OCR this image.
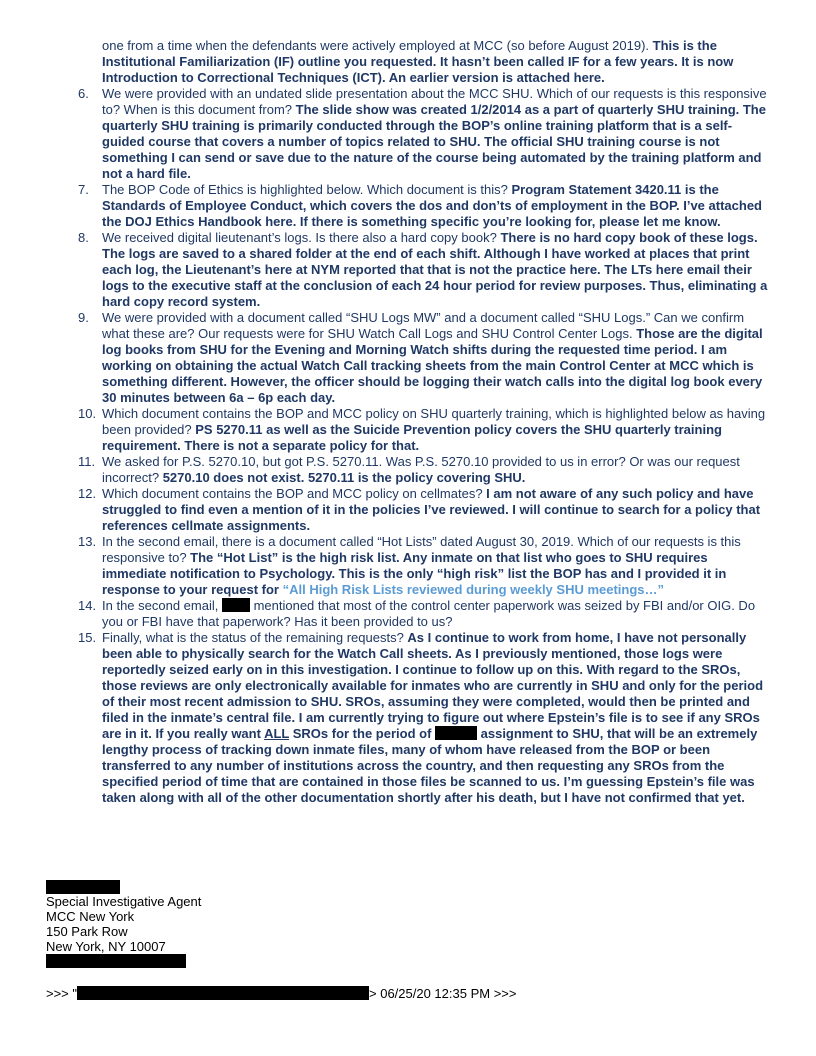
one from a time when the defendants were actively employed at MCC (so before August 2019). This is the Institutional Familiarization (IF) outline you requested. It hasn’t been called IF for a few years. It is now Introduction to Correctional Techniques (ICT). An earlier version is attached here.
6.	We were provided with an undated slide presentation about the MCC SHU. Which of our requests is this responsive to? When is this document from? The slide show was created 1/2/2014 as a part of quarterly SHU training. The quarterly SHU training is primarily conducted through the BOP’s online training platform that is a self-guided course that covers a number of topics related to SHU. The official SHU training course is not something I can send or save due to the nature of the course being automated by the training platform and not a hard file.
7.	The BOP Code of Ethics is highlighted below. Which document is this? Program Statement 3420.11 is the Standards of Employee Conduct, which covers the dos and don’ts of employment in the BOP. I’ve attached the DOJ Ethics Handbook here. If there is something specific you’re looking for, please let me know.
8.	We received digital lieutenant’s logs. Is there also a hard copy book? There is no hard copy book of these logs. The logs are saved to a shared folder at the end of each shift. Although I have worked at places that print each log, the Lieutenant’s here at NYM reported that that is not the practice here. The LTs here email their logs to the executive staff at the conclusion of each 24 hour period for review purposes. Thus, eliminating a hard copy record system.
9.	We were provided with a document called “SHU Logs MW” and a document called “SHU Logs.” Can we confirm what these are? Our requests were for SHU Watch Call Logs and SHU Control Center Logs. Those are the digital log books from SHU for the Evening and Morning Watch shifts during the requested time period. I am working on obtaining the actual Watch Call tracking sheets from the main Control Center at MCC which is something different. However, the officer should be logging their watch calls into the digital log book every 30 minutes between 6a – 6p each day.
10. Which document contains the BOP and MCC policy on SHU quarterly training, which is highlighted below as having been provided? PS 5270.11 as well as the Suicide Prevention policy covers the SHU quarterly training requirement. There is not a separate policy for that.
11. We asked for P.S. 5270.10, but got P.S. 5270.11. Was P.S. 5270.10 provided to us in error? Or was our request incorrect? 5270.10 does not exist. 5270.11 is the policy covering SHU.
12. Which document contains the BOP and MCC policy on cellmates? I am not aware of any such policy and have struggled to find even a mention of it in the policies I’ve reviewed. I will continue to search for a policy that references cellmate assignments.
13. In the second email, there is a document called “Hot Lists” dated August 30, 2019. Which of our requests is this responsive to? The “Hot List” is the high risk list. Any inmate on that list who goes to SHU requires immediate notification to Psychology. This is the only “high risk” list the BOP has and I provided it in response to your request for “All High Risk Lists reviewed during weekly SHU meetings…”
14. In the second email,  mentioned that most of the control center paperwork was seized by FBI and/or OIG. Do you or FBI have that paperwork? Has it been provided to us?
15. Finally, what is the status of the remaining requests? As I continue to work from home, I have not personally been able to physically search for the Watch Call sheets. As I previously mentioned, those logs were reportedly seized early on in this investigation. I continue to follow up on this. With regard to the SROs, those reviews are only electronically available for inmates who are currently in SHU and only for the period of their most recent admission to SHU. SROs, assuming they were completed, would then be printed and filed in the inmate’s central file. I am currently trying to figure out where Epstein’s file is to see if any SROs are in it. If you really want ALL SROs for the period of	assignment to SHU, that will be an extremely lengthy process of tracking down inmate files, many of whom have released from the BOP or been transferred to any number of institutions across the country, and then requesting any SROs from the specified period of time that are contained in those files be scanned to us. I’m guessing Epstein’s file was taken along with all of the other documentation shortly after his death, but I have not confirmed that yet.
Special Investigative Agent
MCC New York
150 Park Row
New York, NY 10007
>>> "	> 06/25/20 12:35 PM >>>
